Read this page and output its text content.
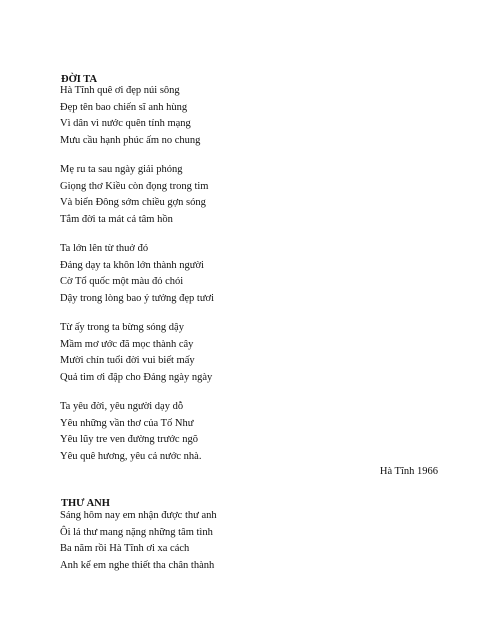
ĐỜI TA
Hà Tĩnh quê ơi đẹp núi sông
Đẹp tên bao chiến sĩ anh hùng
Vì dân vì nước quên tính mạng
Mưu cầu hạnh phúc ấm no chung
Mẹ ru ta sau ngày giải phóng
Giọng thơ Kiều còn đọng trong tim
Và biển Đông sớm chiều gợn sóng
Tắm đời ta mát cả tâm hồn
Ta lớn lên từ thuở đó
Đảng dạy ta khôn lớn thành người
Cờ Tổ quốc một màu đỏ chói
Dậy trong lòng bao ý tưởng đẹp tươi
Từ ấy trong ta bừng sóng dậy
Mầm mơ ước đã mọc thành cây
Mười chín tuổi đời vui biết mấy
Quả tim ơi đập cho Đảng ngày ngày
Ta yêu đời, yêu người dạy dỗ
Yêu những vần thơ của Tố Như
Yêu lũy tre ven đường trước ngõ
Yêu quê hương, yêu cả nước nhà.
Hà Tĩnh 1966
THƯ ANH
Sáng hôm nay em nhận được thư anh
Ôi lá thư mang nặng những tâm tình
Ba năm rồi Hà Tĩnh ơi xa cách
Anh kể em nghe thiết tha chân thành
